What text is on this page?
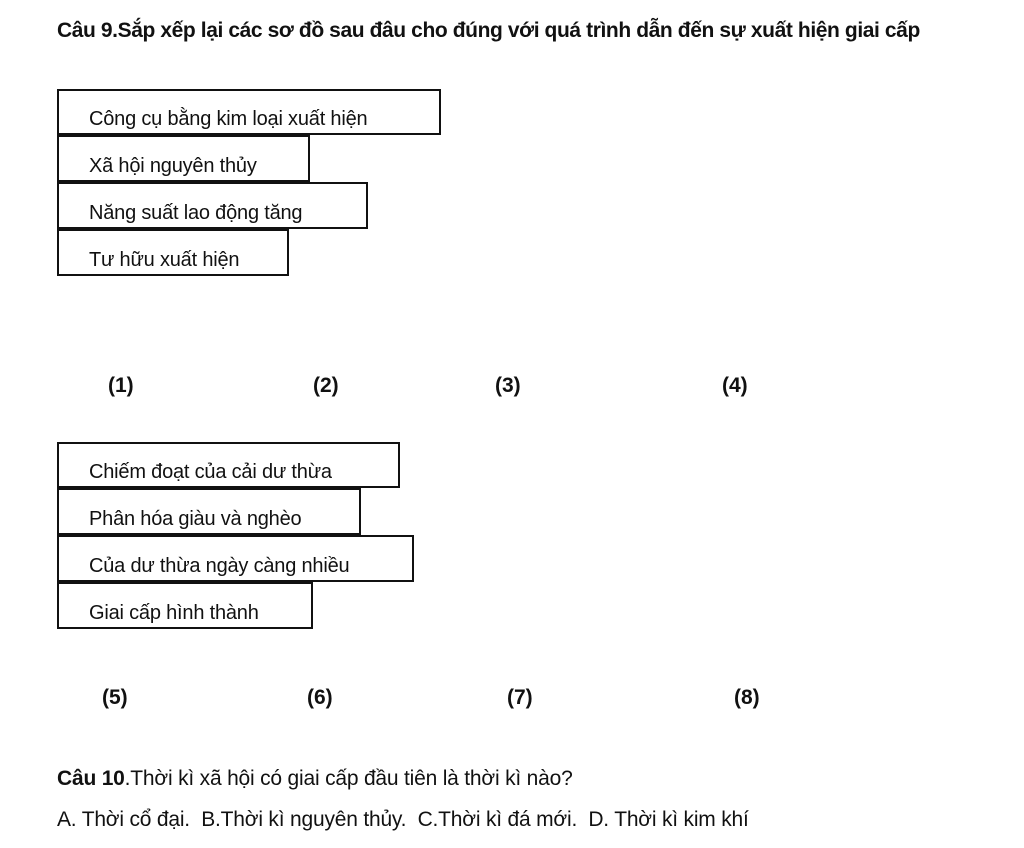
Câu 9.Sắp xếp lại các sơ đồ sau đâu cho đúng với quá trình dẫn đến sự xuất hiện giai cấp
Công cụ bằng kim loại xuất hiện
Xã hội nguyên thủy
Năng suất lao động tăng
Tư hữu xuất hiện
(1)	(2)	(3)	(4)
Chiếm đoạt của cải dư thừa
Phân hóa giàu và nghèo
Của dư thừa ngày càng nhiều
Giai cấp hình thành
(5)	(6)	(7)	(8)
Câu 10.Thời kì xã hội có giai cấp đầu tiên là thời kì nào?
A. Thời cổ đại.  B.Thời kì nguyên thủy.  C.Thời kì đá mới.  D. Thời kì kim khí
